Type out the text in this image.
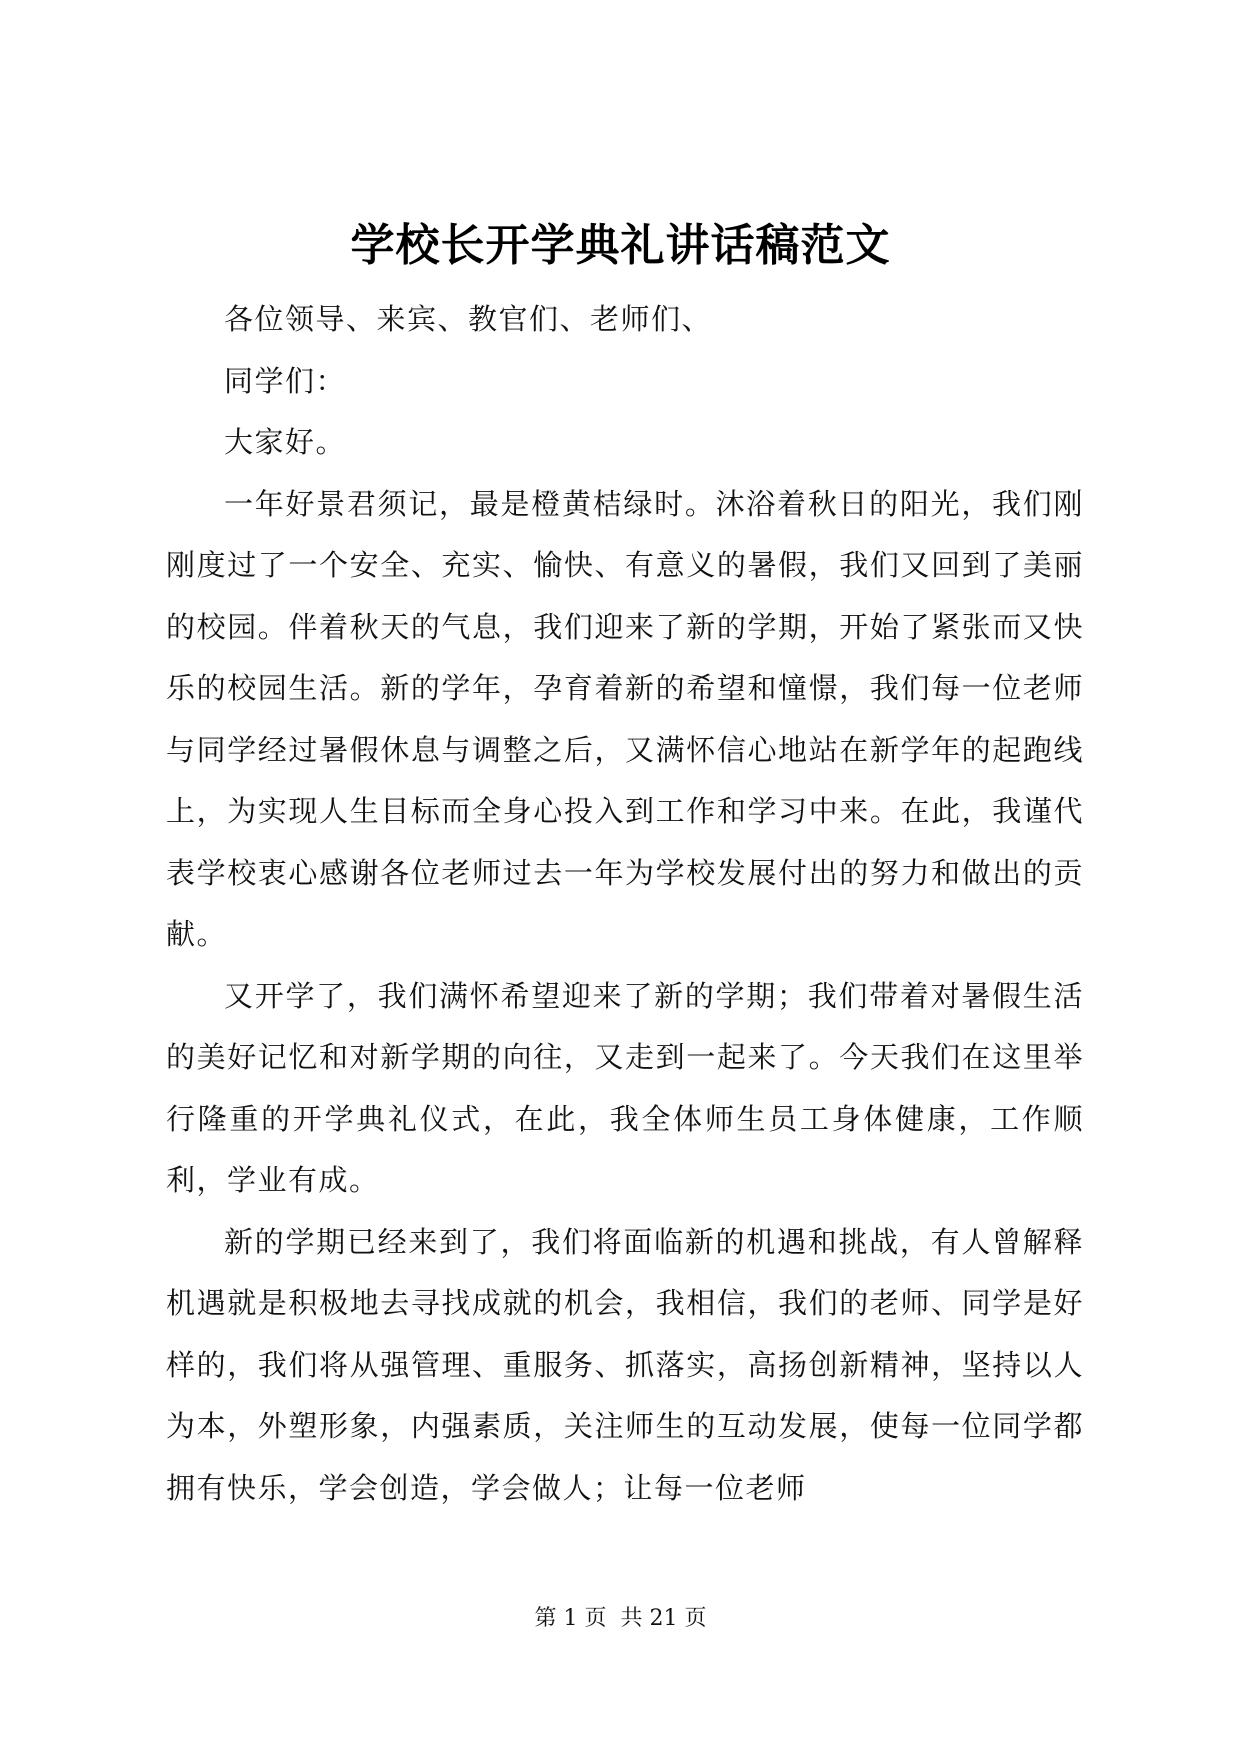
学校长开学典礼讲话稿范文

各位领导、来宾、教官们、老师们、

同学们：

大家好。

一年好景君须记，最是橙黄桔绿时。沐浴着秋日的阳光，我们刚刚度过了一个安全、充实、愉快、有意义的暑假，我们又回到了美丽的校园。伴着秋天的气息，我们迎来了新的学期，开始了紧张而又快乐的校园生活。新的学年，孕育着新的希望和憧憬，我们每一位老师与同学经过暑假休息与调整之后，又满怀信心地站在新学年的起跑线上，为实现人生目标而全身心投入到工作和学习中来。在此，我谨代表学校衷心感谢各位老师过去一年为学校发展付出的努力和做出的贡献。

又开学了，我们满怀希望迎来了新的学期；我们带着对暑假生活的美好记忆和对新学期的向往，又走到一起来了。今天我们在这里举行隆重的开学典礼仪式，在此，我全体师生员工身体健康，工作顺利，学业有成。

新的学期已经来到了，我们将面临新的机遇和挑战，有人曾解释机遇就是积极地去寻找成就的机会，我相信，我们的老师、同学是好样的，我们将从强管理、重服务、抓落实，高扬创新精神，坚持以人为本，外塑形象，内强素质，关注师生的互动发展，使每一位同学都拥有快乐，学会创造，学会做人；让每一位老师

第 1 页 共 21 页
